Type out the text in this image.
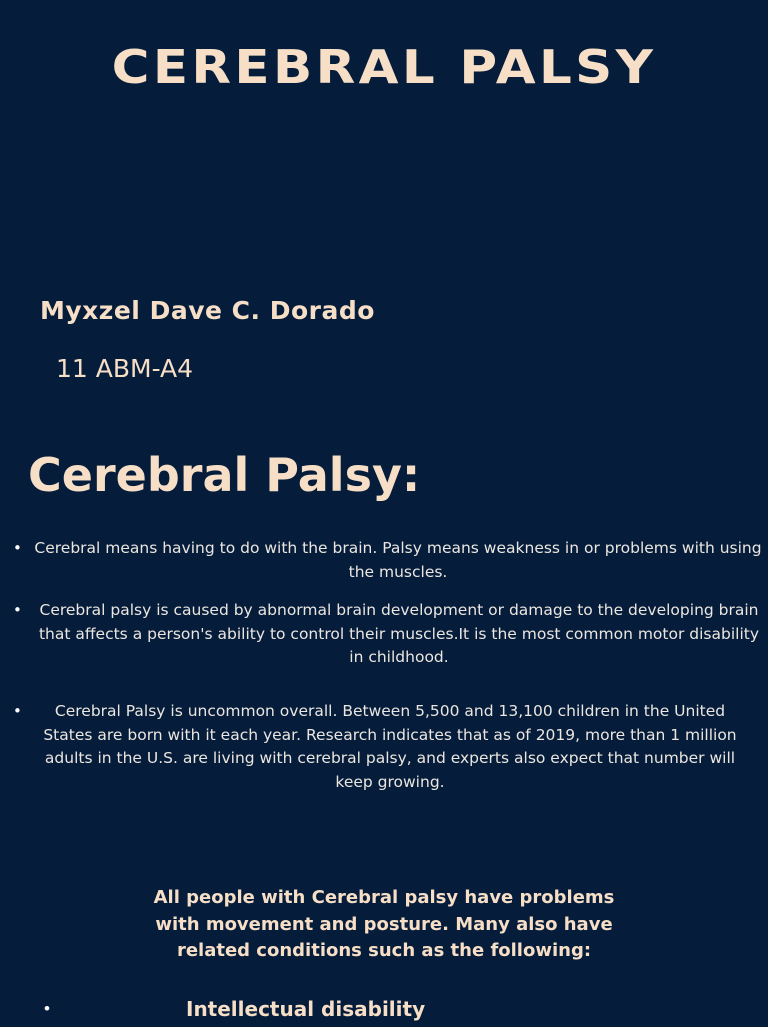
CEREBRAL PALSY
Myxzel Dave C. Dorado
11 ABM-A4
Cerebral Palsy:
• Cerebral means having to do with the brain. Palsy means weakness in or problems with using the muscles.
•	Cerebral palsy is caused by abnormal brain development or damage to the developing brain that affects a person's ability to control their muscles.It is the most common motor disability in childhood.
•	Cerebral Palsy is uncommon overall. Between 5,500 and 13,100 children in the United States are born with it each year. Research indicates that as of 2019, more than 1 million adults in the U.S. are living with cerebral palsy, and experts also expect that number will keep growing.
All people with Cerebral palsy have problems with movement and posture. Many also have related conditions such as the following:
•	Intellectual disability
